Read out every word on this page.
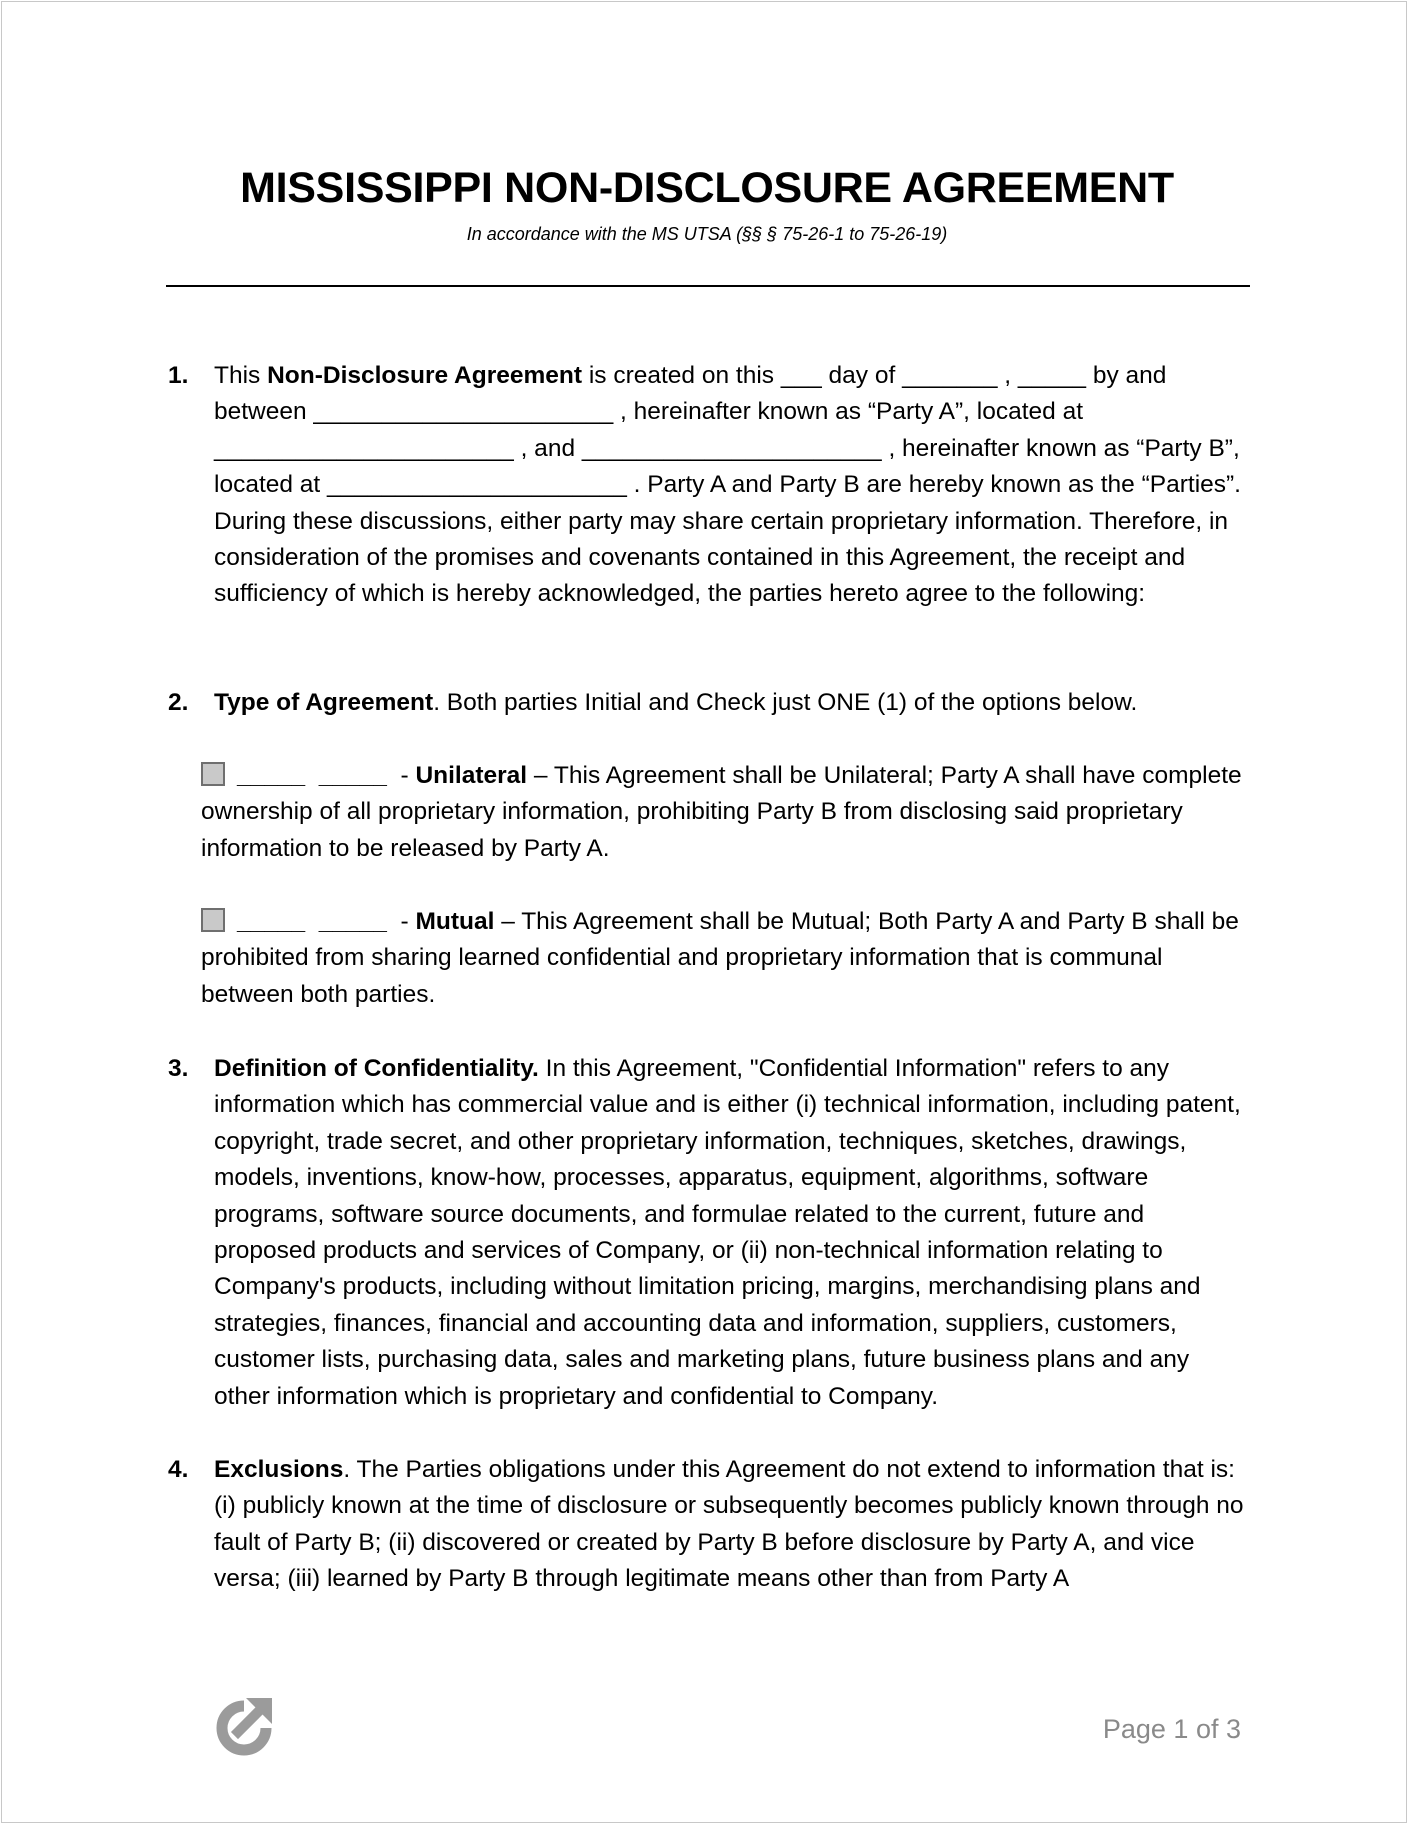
MISSISSIPPI NON-DISCLOSURE AGREEMENT
In accordance with the MS UTSA (§§ § 75-26-1 to 75-26-19)
1. This Non-Disclosure Agreement is created on this ___ day of _______ , _____ by and between ______________________ , hereinafter known as “Party A”, located at ______________________ , and ______________________ , hereinafter known as “Party B”, located at ______________________ . Party A and Party B are hereby known as the “Parties”. During these discussions, either party may share certain proprietary information. Therefore, in consideration of the promises and covenants contained in this Agreement, the receipt and sufficiency of which is hereby acknowledged, the parties hereto agree to the following:
2. Type of Agreement. Both parties Initial and Check just ONE (1) of the options below.
_____  _____  - Unilateral – This Agreement shall be Unilateral; Party A shall have complete ownership of all proprietary information, prohibiting Party B from disclosing said proprietary information to be released by Party A.
_____  _____  - Mutual – This Agreement shall be Mutual; Both Party A and Party B shall be prohibited from sharing learned confidential and proprietary information that is communal between both parties.
3. Definition of Confidentiality. In this Agreement, "Confidential Information" refers to any information which has commercial value and is either (i) technical information, including patent, copyright, trade secret, and other proprietary information, techniques, sketches, drawings, models, inventions, know-how, processes, apparatus, equipment, algorithms, software programs, software source documents, and formulae related to the current, future and proposed products and services of Company, or (ii) non-technical information relating to Company's products, including without limitation pricing, margins, merchandising plans and strategies, finances, financial and accounting data and information, suppliers, customers, customer lists, purchasing data, sales and marketing plans, future business plans and any other information which is proprietary and confidential to Company.
4. Exclusions. The Parties obligations under this Agreement do not extend to information that is: (i) publicly known at the time of disclosure or subsequently becomes publicly known through no fault of Party B; (ii) discovered or created by Party B before disclosure by Party A, and vice versa; (iii) learned by Party B through legitimate means other than from Party A
Page 1 of 3
